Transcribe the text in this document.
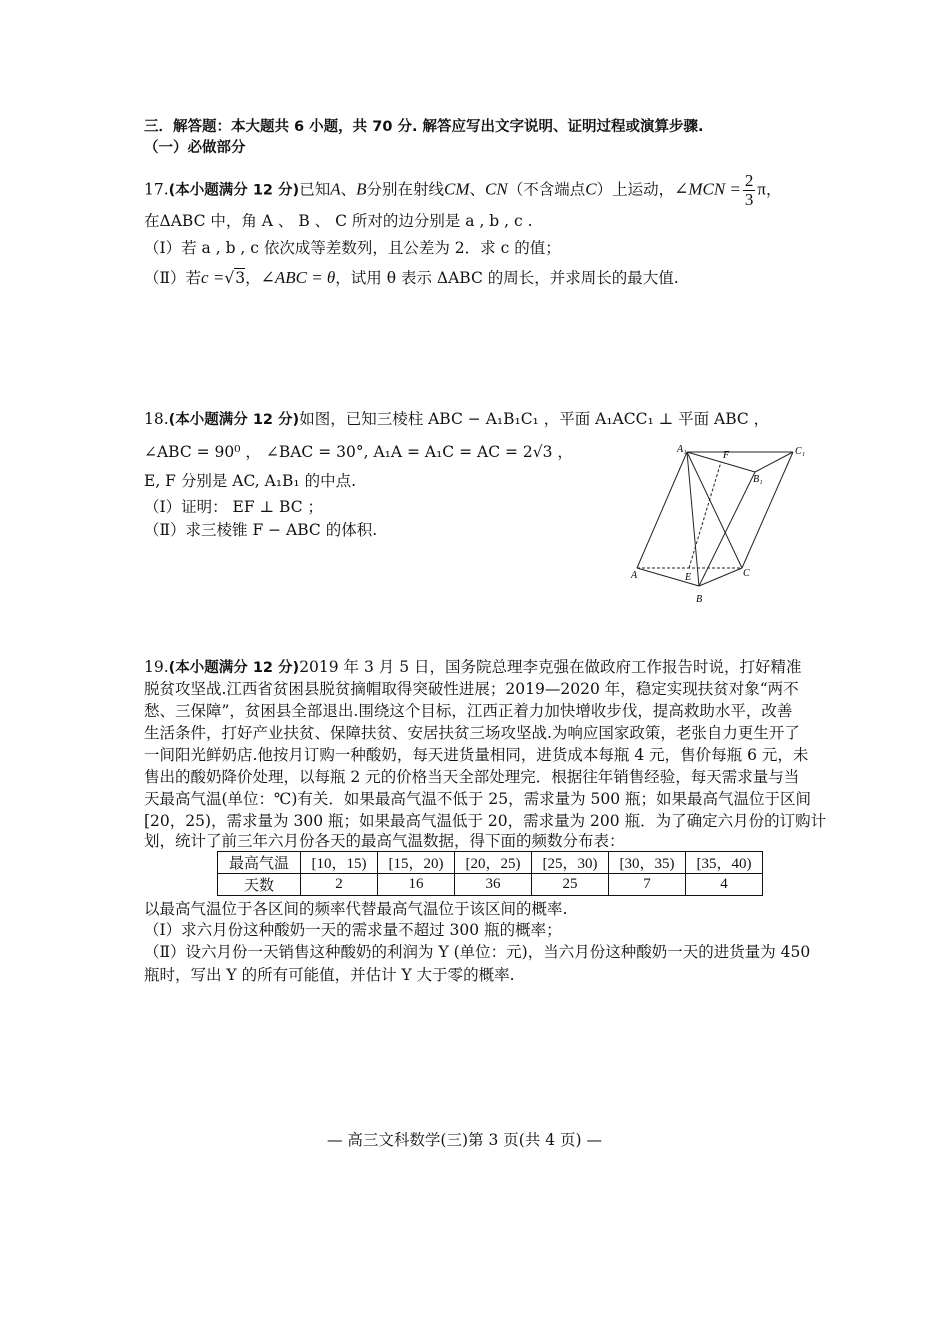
三．解答题：本大题共 6 小题，共 70 分. 解答应写出文字说明、证明过程或演算步骤.
（一）必做部分
17.(本小题满分 12 分)已知A、B分别在射线CM、CN（不含端点C）上运动，∠MCN = $\frac{2}{3}$ π，
在ΔABC 中，角 A 、 B 、 C 所对的边分别是 a , b , c .
（Ⅰ）若 a , b , c 依次成等差数列，且公差为 2．求 c 的值；
（Ⅱ）若c =√3，∠ABC = θ，试用 θ 表示 ΔABC 的周长，并求周长的最大值.
18.(本小题满分 12 分)如图，已知三棱柱 ABC − A₁B₁C₁ ，平面 A₁ACC₁ ⊥ 平面 ABC ，
∠ABC = 90⁰ ， ∠BAC = 30°, A₁A = A₁C = AC = 2√3 ，
E, F 分别是 AC, A₁B₁ 的中点.
（Ⅰ）证明： EF ⊥ BC ；
（Ⅱ）求三棱锥 F − ABC 的体积.
A₁
F	C₁
B₁
A	E	C
B
19.(本小题满分 12 分)2019 年 3 月 5 日，国务院总理李克强在做政府工作报告时说，打好精准
脱贫攻坚战.江西省贫困县脱贫摘帽取得突破性进展；2019—2020 年，稳定实现扶贫对象“两不
愁、三保障”，贫困县全部退出.围绕这个目标，江西正着力加快增收步伐，提高救助水平，改善
生活条件，打好产业扶贫、保障扶贫、安居扶贫三场攻坚战.为响应国家政策，老张自力更生开了
一间阳光鲜奶店.他按月订购一种酸奶，每天进货量相同，进货成本每瓶 4 元，售价每瓶 6 元，未
售出的酸奶降价处理，以每瓶 2 元的价格当天全部处理完．根据往年销售经验，每天需求量与当
天最高气温(单位：℃)有关．如果最高气温不低于 25，需求量为 500 瓶；如果最高气温位于区间
[20，25)，需求量为 300 瓶；如果最高气温低于 20，需求量为 200 瓶．为了确定六月份的订购计
划，统计了前三年六月份各天的最高气温数据，得下面的频数分布表：
最高气温	[10，15)	[15，20)	[20，25)	[25，30)	[30，35)	[35，40)
天数	2	16	36	25	7	4
以最高气温位于各区间的频率代替最高气温位于该区间的概率.
（Ⅰ）求六月份这种酸奶一天的需求量不超过 300 瓶的概率；
（Ⅱ）设六月份一天销售这种酸奶的利润为 Y (单位：元)，当六月份这种酸奶一天的进货量为 450
瓶时，写出 Y 的所有可能值，并估计 Y 大于零的概率.
— 高三文科数学(三)第 3 页(共 4 页) —
